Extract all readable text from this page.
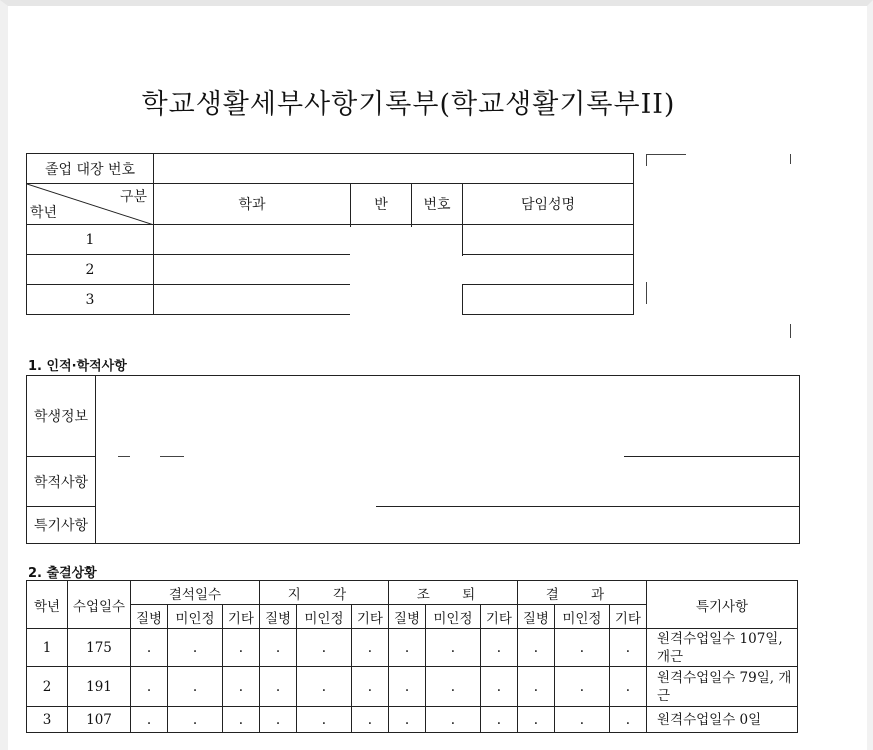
학교생활세부사항기록부(학교생활기록부II)
졸업 대장 번호				

구분
학년	학과	반	번호	담임성명
1				
2				
3				
1. 인적·학적사항
학생정보	
학적사항	
특기사항	
2. 출결상황
학년	수업일수	결석일수			지 각			조 퇴			결 과			특기사항
		질병	미인정	기타	질병	미인정	기타	질병	미인정	기타	질병	미인정	기타	
1	175	.	.	.	.	.	.	.	.	.	.	.	.	원격수업일수 107일, 개근
2	191	.	.	.	.	.	.	.	.	.	.	.	.	원격수업일수 79일, 개근
3	107	.	.	.	.	.	.	.	.	.	.	.	.	원격수업일수 0일
